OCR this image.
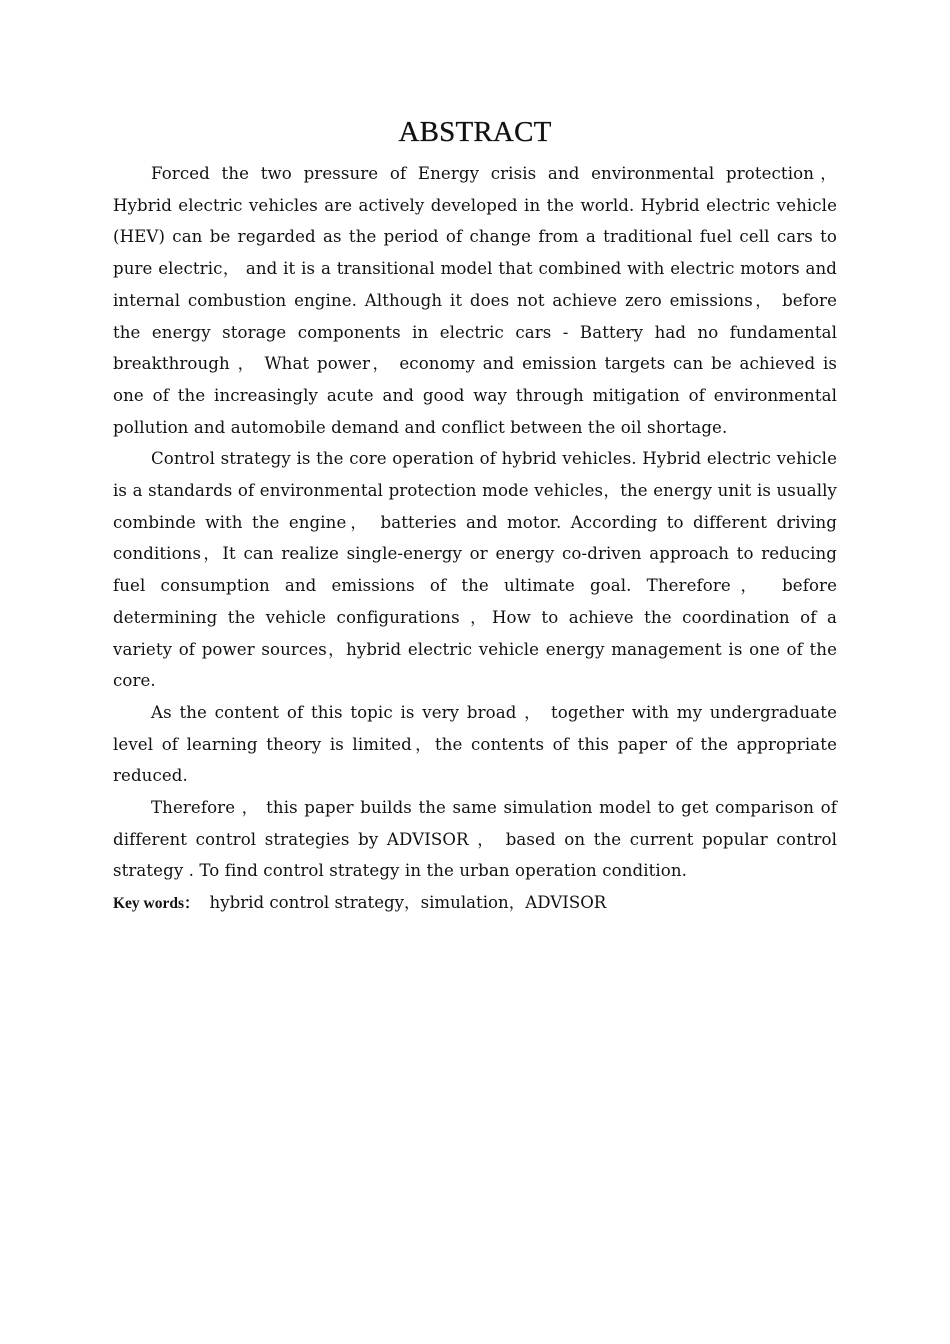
ABSTRACT

Forced the two pressure of Energy crisis and environmental protection， Hybrid electric vehicles are actively developed in the world. Hybrid electric vehicle (HEV) can be regarded as the period of change from a traditional fuel cell cars to pure electric， and it is a transitional model that combined with electric motors and internal combustion engine. Although it does not achieve zero emissions， before the energy storage components in electric cars - Battery had no fundamental breakthrough ， What power， economy and emission targets can be achieved is one of the increasingly acute and good way through mitigation of environmental pollution and automobile demand and conflict between the oil shortage.

Control strategy is the core operation of hybrid vehicles. Hybrid electric vehicle is a standards of environmental protection mode vehicles，the energy unit is usually combinde with the engine， batteries and motor. According to different driving conditions，It can realize single-energy or energy co-driven approach to reducing fuel consumption and emissions of the ultimate goal. Therefore， before determining the vehicle configurations ，How to achieve the coordination of a variety of power sources，hybrid electric vehicle energy management is one of the core.

As the content of this topic is very broad ， together with my undergraduate level of learning theory is limited，the contents of this paper of the appropriate reduced.

Therefore ， this paper builds the same simulation model to get comparison of different control strategies by ADVISOR ， based on the current popular control strategy . To find control strategy in the urban operation condition.

Key words： hybrid control strategy，simulation，ADVISOR
